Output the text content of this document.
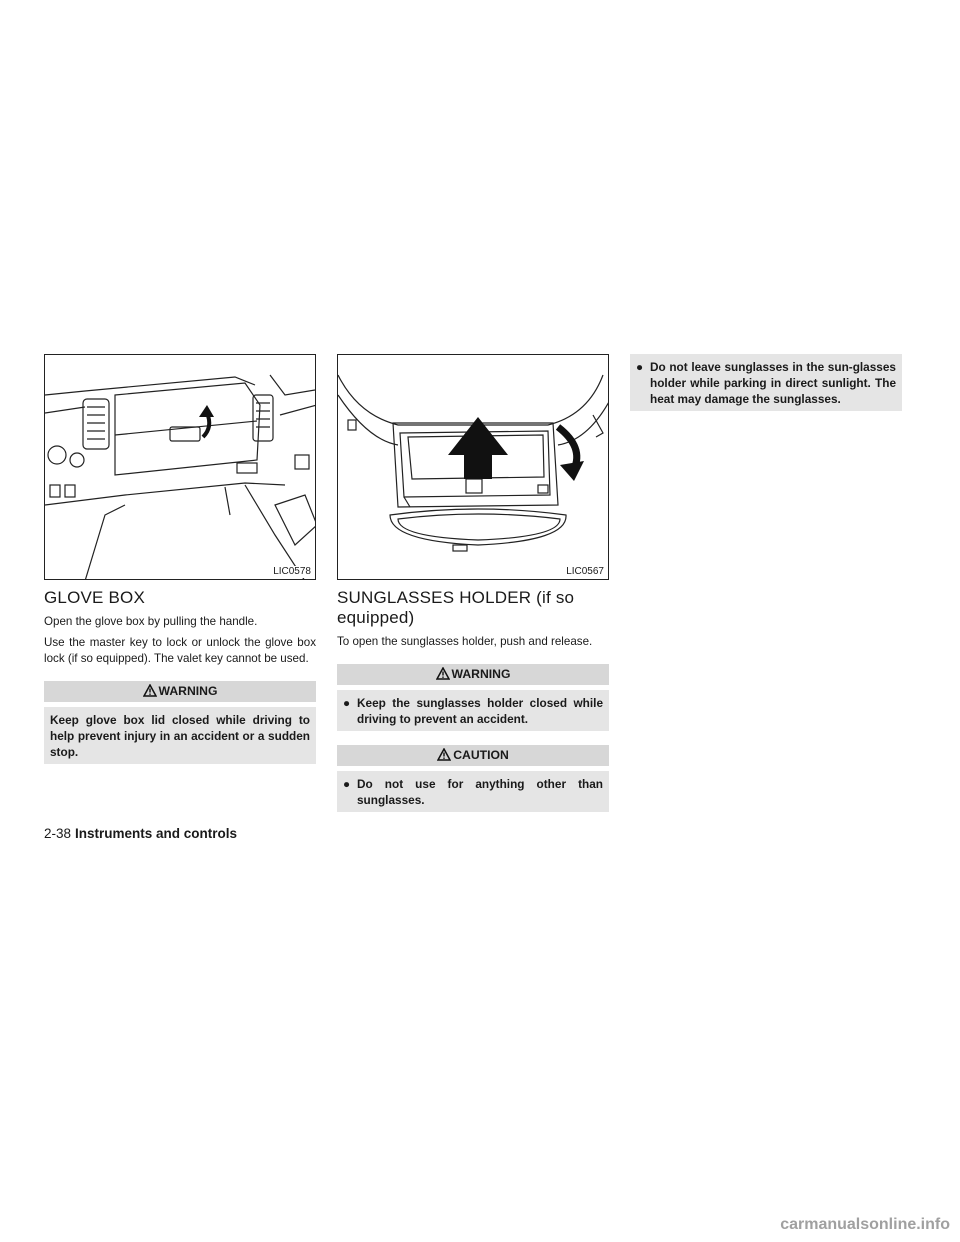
LIC0578
GLOVE BOX

Open the glove box by pulling the handle.

Use the master key to lock or unlock the glove box lock (if so equipped). The valet key cannot be used.

WARNING
Keep glove box lid closed while driving to help prevent injury in an accident or a sudden stop.
LIC0567
SUNGLASSES HOLDER (if so
equipped)

To open the sunglasses holder, push and release.

WARNING
● Keep the sunglasses holder closed while driving to prevent an accident.
CAUTION
● Do not use for anything other than sunglasses.
● Do not leave sunglasses in the sun-glasses holder while parking in direct sunlight. The heat may damage the sunglasses.
2-38 Instruments and controls
carmanualsonline.info
